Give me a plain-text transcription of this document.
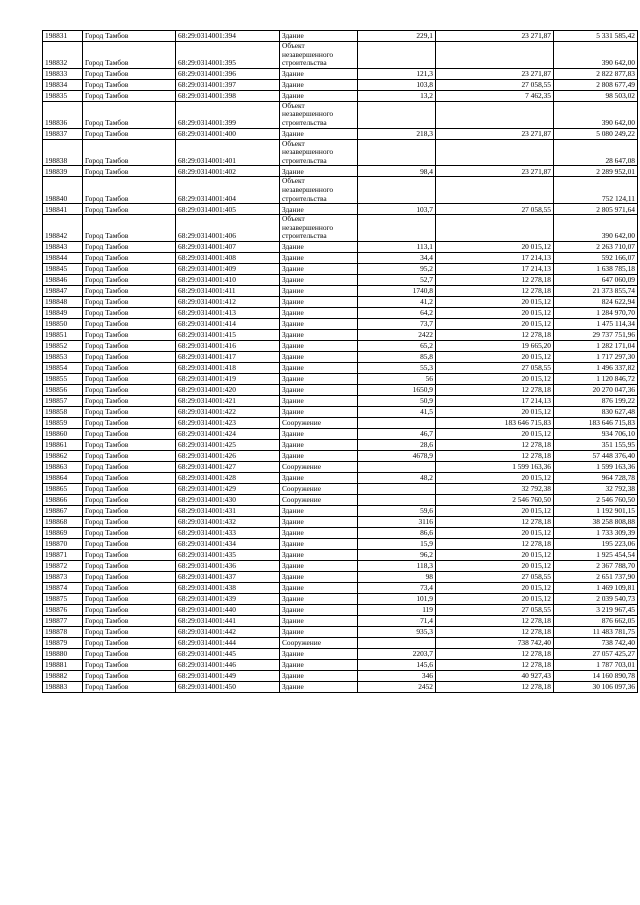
198831	Город Тамбов	68:29:0314001:394	Здание	229,1	23 271,87	5 331 585,42
198832	Город Тамбов	68:29:0314001:395	Объект незавершенного строительства			390 642,00
198833	Город Тамбов	68:29:0314001:396	Здание	121,3	23 271,87	2 822 877,83
198834	Город Тамбов	68:29:0314001:397	Здание	103,8	27 058,55	2 808 677,49
198835	Город Тамбов	68:29:0314001:398	Здание	13,2	7 462,35	98 503,02
198836	Город Тамбов	68:29:0314001:399	Объект незавершенного строительства			390 642,00
198837	Город Тамбов	68:29:0314001:400	Здание	218,3	23 271,87	5 080 249,22
198838	Город Тамбов	68:29:0314001:401	Объект незавершенного строительства			28 647,08
198839	Город Тамбов	68:29:0314001:402	Здание	98,4	23 271,87	2 289 952,01
198840	Город Тамбов	68:29:0314001:404	Объект незавершенного строительства			752 124,11
198841	Город Тамбов	68:29:0314001:405	Здание	103,7	27 058,55	2 805 971,64
198842	Город Тамбов	68:29:0314001:406	Объект незавершенного строительства			390 642,00
198843	Город Тамбов	68:29:0314001:407	Здание	113,1	20 015,12	2 263 710,07
198844	Город Тамбов	68:29:0314001:408	Здание	34,4	17 214,13	592 166,07
198845	Город Тамбов	68:29:0314001:409	Здание	95,2	17 214,13	1 638 785,18
198846	Город Тамбов	68:29:0314001:410	Здание	52,7	12 278,18	647 060,09
198847	Город Тамбов	68:29:0314001:411	Здание	1740,8	12 278,18	21 373 855,74
198848	Город Тамбов	68:29:0314001:412	Здание	41,2	20 015,12	824 622,94
198849	Город Тамбов	68:29:0314001:413	Здание	64,2	20 015,12	1 284 970,70
198850	Город Тамбов	68:29:0314001:414	Здание	73,7	20 015,12	1 475 114,34
198851	Город Тамбов	68:29:0314001:415	Здание	2422	12 278,18	29 737 751,96
198852	Город Тамбов	68:29:0314001:416	Здание	65,2	19 665,20	1 282 171,04
198853	Город Тамбов	68:29:0314001:417	Здание	85,8	20 015,12	1 717 297,30
198854	Город Тамбов	68:29:0314001:418	Здание	55,3	27 058,55	1 496 337,82
198855	Город Тамбов	68:29:0314001:419	Здание	56	20 015,12	1 120 846,72
198856	Город Тамбов	68:29:0314001:420	Здание	1650,9	12 278,18	20 270 047,36
198857	Город Тамбов	68:29:0314001:421	Здание	50,9	17 214,13	876 199,22
198858	Город Тамбов	68:29:0314001:422	Здание	41,5	20 015,12	830 627,48
198859	Город Тамбов	68:29:0314001:423	Сооружение		183 646 715,83	183 646 715,83
198860	Город Тамбов	68:29:0314001:424	Здание	46,7	20 015,12	934 706,10
198861	Город Тамбов	68:29:0314001:425	Здание	28,6	12 278,18	351 155,95
198862	Город Тамбов	68:29:0314001:426	Здание	4678,9	12 278,18	57 448 376,40
198863	Город Тамбов	68:29:0314001:427	Сооружение		1 599 163,36	1 599 163,36
198864	Город Тамбов	68:29:0314001:428	Здание	48,2	20 015,12	964 728,78
198865	Город Тамбов	68:29:0314001:429	Сооружение		32 792,38	32 792,38
198866	Город Тамбов	68:29:0314001:430	Сооружение		2 546 760,50	2 546 760,50
198867	Город Тамбов	68:29:0314001:431	Здание	59,6	20 015,12	1 192 901,15
198868	Город Тамбов	68:29:0314001:432	Здание	3116	12 278,18	38 258 808,88
198869	Город Тамбов	68:29:0314001:433	Здание	86,6	20 015,12	1 733 309,39
198870	Город Тамбов	68:29:0314001:434	Здание	15,9	12 278,18	195 223,06
198871	Город Тамбов	68:29:0314001:435	Здание	96,2	20 015,12	1 925 454,54
198872	Город Тамбов	68:29:0314001:436	Здание	118,3	20 015,12	2 367 788,70
198873	Город Тамбов	68:29:0314001:437	Здание	98	27 058,55	2 651 737,90
198874	Город Тамбов	68:29:0314001:438	Здание	73,4	20 015,12	1 469 109,81
198875	Город Тамбов	68:29:0314001:439	Здание	101,9	20 015,12	2 039 540,73
198876	Город Тамбов	68:29:0314001:440	Здание	119	27 058,55	3 219 967,45
198877	Город Тамбов	68:29:0314001:441	Здание	71,4	12 278,18	876 662,05
198878	Город Тамбов	68:29:0314001:442	Здание	935,3	12 278,18	11 483 781,75
198879	Город Тамбов	68:29:0314001:444	Сооружение		738 742,40	738 742,40
198880	Город Тамбов	68:29:0314001:445	Здание	2203,7	12 278,18	27 057 425,27
198881	Город Тамбов	68:29:0314001:446	Здание	145,6	12 278,18	1 787 703,01
198882	Город Тамбов	68:29:0314001:449	Здание	346	40 927,43	14 160 890,78
198883	Город Тамбов	68:29:0314001:450	Здание	2452	12 278,18	30 106 097,36
